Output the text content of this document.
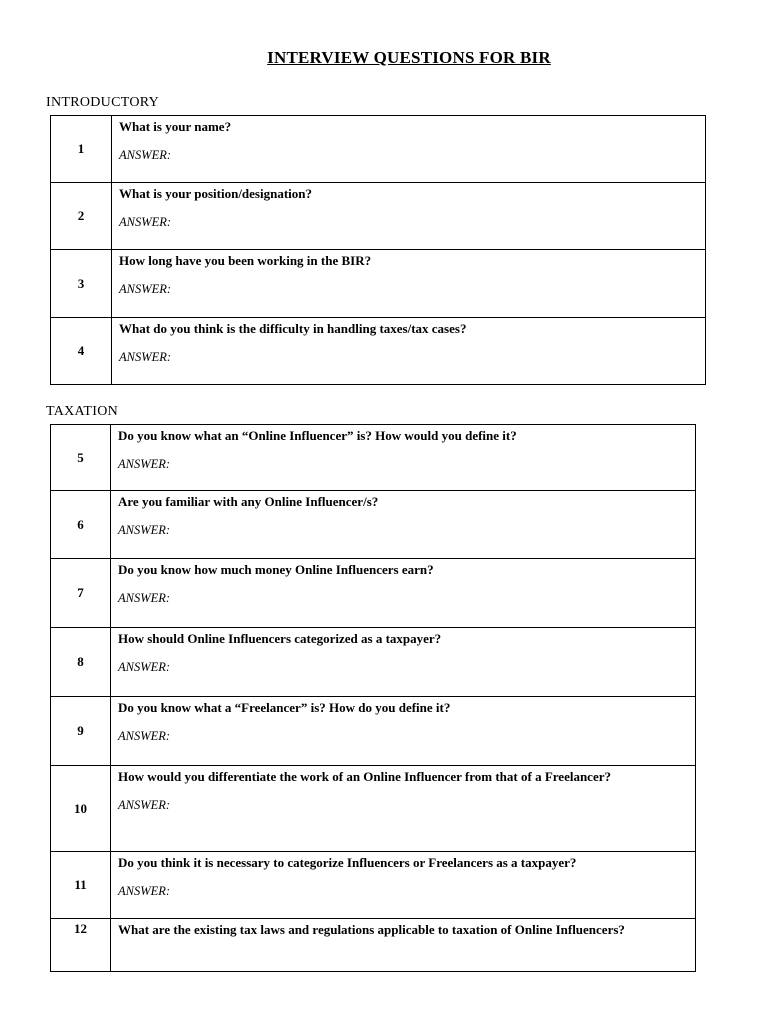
INTERVIEW QUESTIONS FOR BIR
INTRODUCTORY
1	What is your name?
ANSWER:

2	What is your position/designation?
ANSWER:

3	How long have you been working in the BIR?
ANSWER:

4	What do you think is the difficulty in handling taxes/tax cases?
ANSWER:
TAXATION
5	Do you know what an “Online Influencer” is? How would you define it?
ANSWER:

6	Are you familiar with any Online Influencer/s?
ANSWER:

7	Do you know how much money Online Influencers earn?
ANSWER:

8	How should Online Influencers categorized as a taxpayer?
ANSWER:

9	Do you know what a “Freelancer” is? How do you define it?
ANSWER:

10	How would you differentiate the work of an Online Influencer from that of a Freelancer?
ANSWER:

11	Do you think it is necessary to categorize Influencers or Freelancers as a taxpayer?
ANSWER:

12	What are the existing tax laws and regulations applicable to taxation of Online Influencers?
